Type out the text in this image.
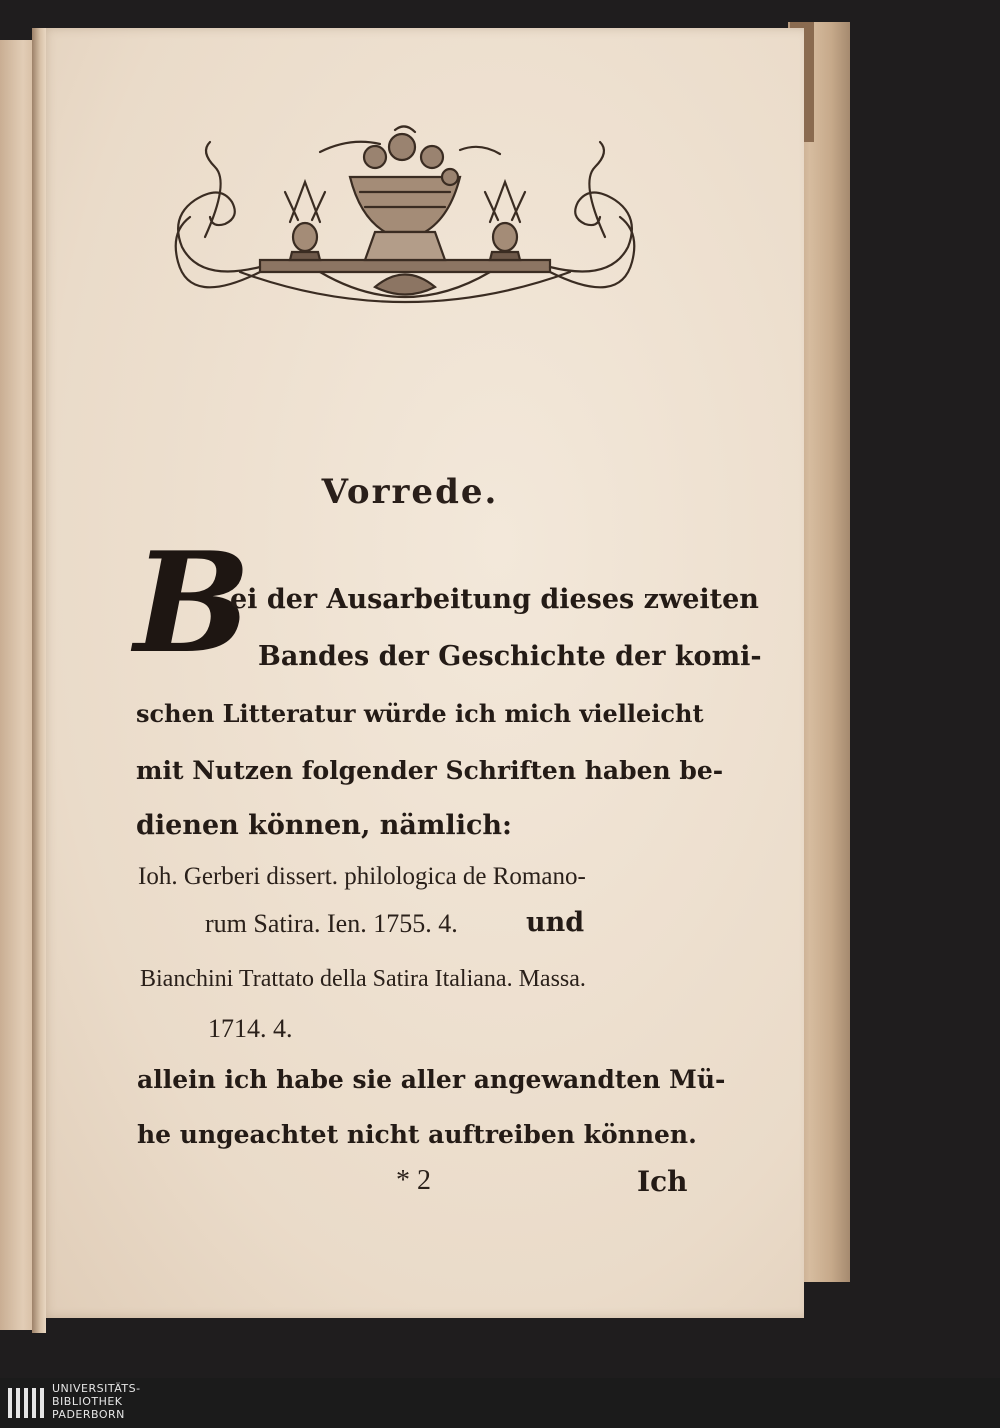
Vorrede.
B
ei der Ausarbeitung dieses zweiten
Bandes der Geschichte der komi-
schen Litteratur würde ich mich vielleicht
mit Nutzen folgender Schriften haben be-
dienen können, nämlich:
Ioh. Gerberi dissert. philologica de Romano-
rum Satira. Ien. 1755. 4.	und
Bianchini Trattato della Satira Italiana. Massa.
1714. 4.
allein ich habe sie aller angewandten Mü-
he ungeachtet nicht auftreiben können.
* 2	Ich
UNIVERSITÄTS-
BIBLIOTHEK
PADERBORN
